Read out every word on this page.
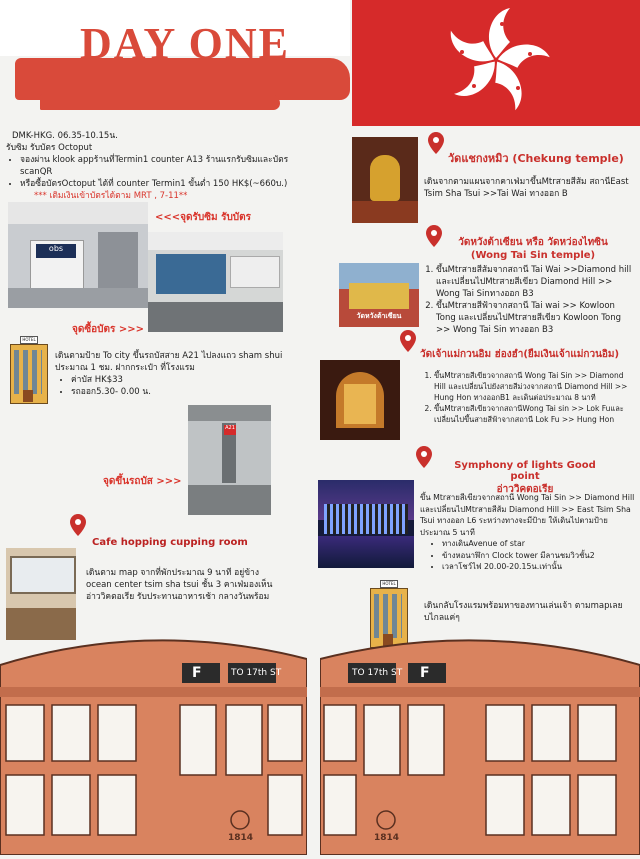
DAY ONE
DMK-HKG. 06.35-10.15น.
รับซิม รับบัตร Octoput
• จองผ่าน klook appร้านที่Termin1 counter A13 ร้านแรกรับซิมและบัตร scanQR
• หรือซื้อบัตรOctoput ได้ที่ counter Termin1 ขั้นต่ำ 150 HK$(~660บ.)
*** เติมเงินเข้าบัตรได้ตาม MRT , 7-11**
obs
<<<จุดรับซิม รับบัตร
จุดซื้อบัตร >>>
HOTEL
เดินตามป้าย To city ขึ้นรถบัสสาย A21 ไปลงแถว sham shui ประมาณ 1 ชม. ฝากกระเป๋า ที่โรงแรม
• ค่าบัส HK$33
• รถออก5.30- 0.00 น.
A21
จุดขึ้นรถบัส >>>
Cafe hopping cupping room
เดินตาม map จากที่พักประมาณ 9 นาที อยู่ข้าง ocean center tsim sha tsui ชั้น 3 คาเฟ่มองเห็นอ่าววิคตอเรีย รับประทานอาหารเช้า กลางวันพร้อม
วัดแชกงหมิว (Chekung temple)
เดินจากตามแผนจากคาเฟ่มาขึ้นMtrสายสีส้ม สถานีEast Tsim Sha Tsui >>Tai Wai ทางออก B
วัดหวังต้าเซียน หรือ วัดหว่องไทซิน
(Wong Tai Sin temple)
วัดหวังต้าเซียน
1. ขึ้นMtrสายสีส้มจากสถานี Tai Wai >>Diamond hill และเปลี่ยนไปMtrสายสีเขียว Diamond Hill >> Wong Tai Sinทางออก B3
2. ขึ้นMtrสายสีฟ้าจากสถานี Tai wai >> Kowloon Tong และเปลี่ยนไปMtrสายสีเขียว Kowloon Tong >> Wong Tai Sin ทางออก B3
วัดเจ้าแม่กวนอิม ฮ่องฮำ(ยืมเงินเจ้าแม่กวนอิม)
1. ขึ้นMtrสายสีเขียวจากสถานี Wong Tai Sin >> Diamond Hill และเปลี่ยนไปยังสายสีม่วงจากสถานี Diamond Hill >> Hung Hon ทางออกB1 ละเดินต่อประมาณ 8 นาที
2. ขึ้นMtrสายสีเขียวจากสถานีWong Tai sin >> Lok Fuและเปลี่ยนไปขึ้นสายสีฟ้าจากสถานี Lok Fu >> Hung Hon
Symphony of lights Good point
อ่าววิคตอเรีย
ขึ้น Mtrสายสีเขียวจากสถานี Wong Tai Sin >> Diamond Hill และเปลี่ยนไปMtrสายสีส้ม Diamond Hill >> East Tsim Sha Tsui ทางออก L6 ระหว่างทางจะมีป้าย ให้เดินไปตามป้ายประมาณ 5 นาที
• ทางเดินAvenue of star
• ข้างหอนาฬิกา Clock tower มีลานชมวิวชั้น2
• เวลาโชว์ไฟ 20.00-20.15น.เท่านั้น
HOTEL
เดินกลับโรงแรมพร้อมหาของทานเล่นเจ้า ตามmapเลยบไกลแค่ๆ
F	TO 17th ST
1814
TO 17th ST F
1814
